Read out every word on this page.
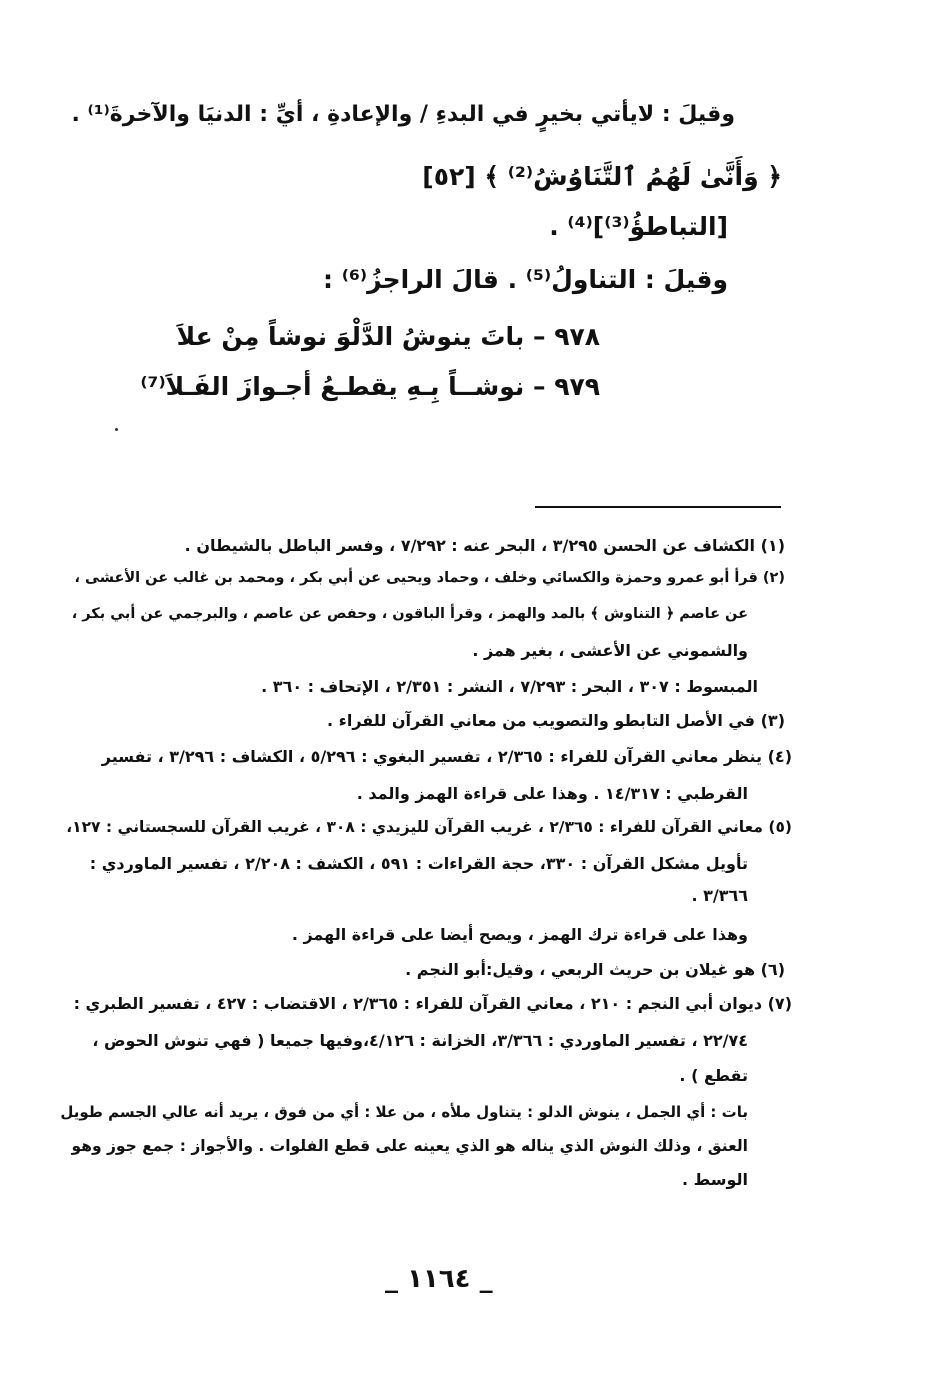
وقيلَ : لايأتي بخيرٍ في البدءِ / والإعادةِ ، أيِّ : الدنيَا والآخرةَ⁽¹⁾ .
﴿ وَأَنَّىٰ لَهُمُ ٱلتَّنَاوُشُ⁽²⁾ ﴾ [٥٢]
[التباطؤُ⁽³⁾]⁽⁴⁾ .
وقيلَ : التناولُ⁽⁵⁾ . قالَ الراجزُ⁽⁶⁾ :
٩٧٨ – باتَ ينوشُ الدَّلْوَ نوشاً مِنْ علاَ
٩٧٩ – نوشــاً بِـهِ يقطـعُ أجـوازَ الفَـلاَ⁽⁷⁾
(١) الكشاف عن الحسن ٣/٢٩٥ ، البحر عنه : ٧/٢٩٢ ، وفسر الباطل بالشيطان .
(٢) قرأ أبو عمرو وحمزة والكسائي وخلف ، وحماد ويحيى عن أبي بكر ، ومحمد بن غالب عن الأعشى ،
عن عاصم ﴿ التناوش ﴾ بالمد والهمز ، وقرأ الباقون ، وحفص عن عاصم ، والبرجمي عن أبي بكر ،
والشموني عن الأعشى ، بغير همز .
المبسوط : ٣٠٧ ، البحر : ٧/٢٩٣ ، النشر : ٢/٣٥١ ، الإتحاف : ٣٦٠ .
(٣) في الأصل التابطو والتصويب من معاني القرآن للفراء .
(٤) ينظر معاني القرآن للفراء : ٢/٣٦٥ ، تفسير البغوي : ٥/٢٩٦ ، الكشاف : ٣/٢٩٦ ، تفسير
القرطبي : ١٤/٣١٧ . وهذا على قراءة الهمز والمد .
(٥) معاني القرآن للفراء : ٢/٣٦٥ ، غريب القرآن لليزيدي : ٣٠٨ ، غريب القرآن للسجستاني : ١٢٧،
تأويل مشكل القرآن : ٣٣٠، حجة القراءات : ٥٩١ ، الكشف : ٢/٢٠٨ ، تفسير الماوردي :
٣/٣٦٦ .
وهذا على قراءة ترك الهمز ، ويصح أيضا على قراءة الهمز .
(٦) هو غيلان بن حريث الربعي ، وقيل:أبو النجم .
(٧) ديوان أبي النجم : ٢١٠ ، معاني القرآن للفراء : ٢/٣٦٥ ، الاقتضاب : ٤٢٧ ، تفسير الطبري :
٢٢/٧٤ ، تفسير الماوردي : ٣/٣٦٦، الخزانة : ٤/١٢٦،وفيها جميعا ( فهي تنوش الحوض ،
تقطع ) .
بات : أي الجمل ، ينوش الدلو : يتناول ملأه ، من علا : أي من فوق ، يريد أنه عالي الجسم طويل
العنق ، وذلك النوش الذي يناله هو الذي يعينه على قطع الفلوات . والأجواز : جمع جوز وهو
الوسط .
_ ١١٦٤ _
